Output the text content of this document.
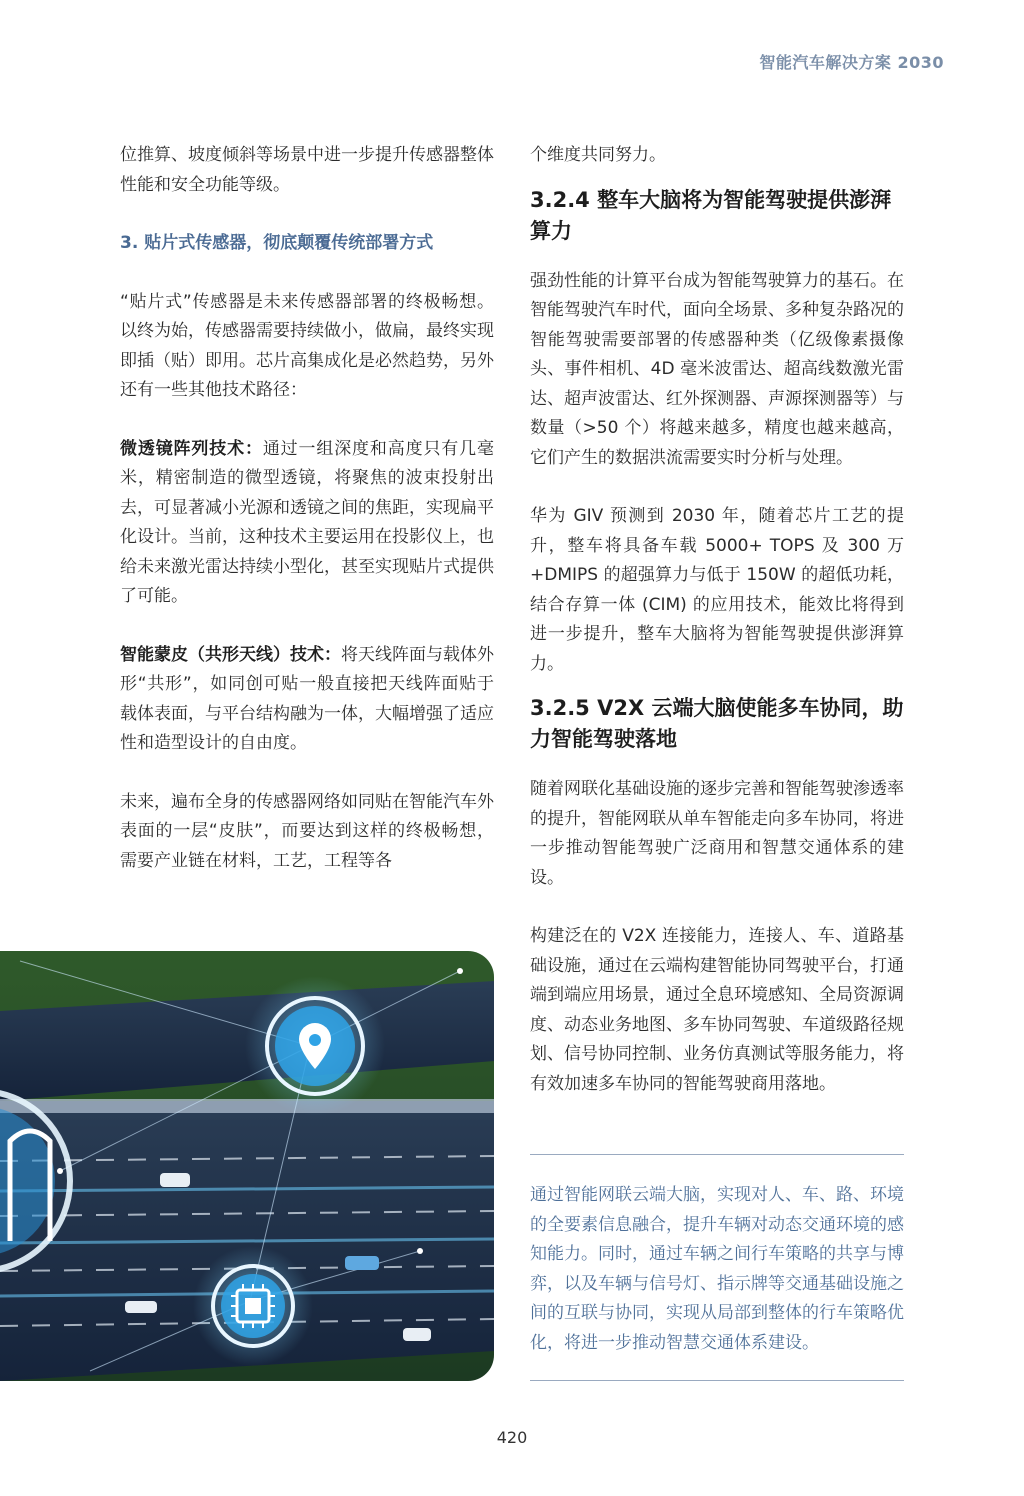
智能汽车解决方案 2030

位推算、坡度倾斜等场景中进一步提升传感器整体性能和安全功能等级。

3. 贴片式传感器，彻底颠覆传统部署方式

“贴片式”传感器是未来传感器部署的终极畅想。以终为始，传感器需要持续做小，做扁，最终实现即插（贴）即用。芯片高集成化是必然趋势，另外还有一些其他技术路径：

微透镜阵列技术：通过一组深度和高度只有几毫米，精密制造的微型透镜，将聚焦的波束投射出去，可显著减小光源和透镜之间的焦距，实现扁平化设计。当前，这种技术主要运用在投影仪上，也给未来激光雷达持续小型化，甚至实现贴片式提供了可能。

智能蒙皮（共形天线）技术：将天线阵面与载体外形“共形”，如同创可贴一般直接把天线阵面贴于载体表面，与平台结构融为一体，大幅增强了适应性和造型设计的自由度。

未来，遍布全身的传感器网络如同贴在智能汽车外表面的一层“皮肤”，而要达到这样的终极畅想，需要产业链在材料，工艺，工程等各

个维度共同努力。

3.2.4 整车大脑将为智能驾驶提供澎湃算力

强劲性能的计算平台成为智能驾驶算力的基石。在智能驾驶汽车时代，面向全场景、多种复杂路况的智能驾驶需要部署的传感器种类（亿级像素摄像头、事件相机、4D 毫米波雷达、超高线数激光雷达、超声波雷达、红外探测器、声源探测器等）与数量（>50 个）将越来越多，精度也越来越高，它们产生的数据洪流需要实时分析与处理。

华为 GIV 预测到 2030 年，随着芯片工艺的提升，整车将具备车载 5000+ TOPS 及 300 万 +DMIPS 的超强算力与低于 150W 的超低功耗，结合存算一体 (CIM) 的应用技术，能效比将得到进一步提升，整车大脑将为智能驾驶提供澎湃算力。

3.2.5 V2X 云端大脑使能多车协同，助力智能驾驶落地

随着网联化基础设施的逐步完善和智能驾驶渗透率的提升，智能网联从单车智能走向多车协同，将进一步推动智能驾驶广泛商用和智慧交通体系的建设。

构建泛在的 V2X 连接能力，连接人、车、道路基础设施，通过在云端构建智能协同驾驶平台，打通端到端应用场景，通过全息环境感知、全局资源调度、动态业务地图、多车协同驾驶、车道级路径规划、信号协同控制、业务仿真测试等服务能力，将有效加速多车协同的智能驾驶商用落地。

通过智能网联云端大脑，实现对人、车、路、环境的全要素信息融合，提升车辆对动态交通环境的感知能力。同时，通过车辆之间行车策略的共享与博弈，以及车辆与信号灯、指示牌等交通基础设施之间的互联与协同，实现从局部到整体的行车策略优化，将进一步推动智慧交通体系建设。
420
